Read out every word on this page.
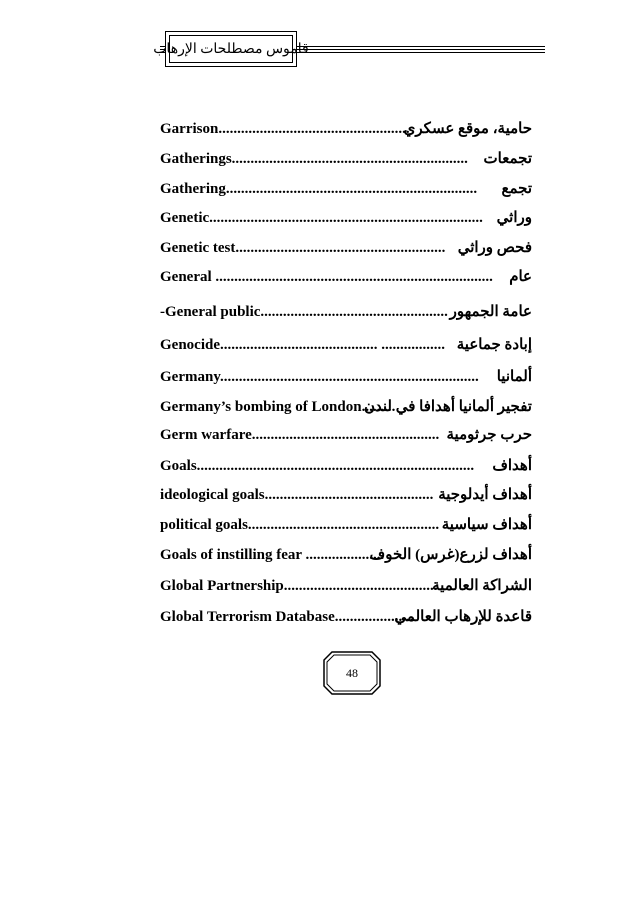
قاموس مصطلحات الإرهاب
Garrison...................................................
حامية، موقع عسكري
Gatherings............................................................... تجمعات
Gathering................................................................... تجمع
Genetic......................................................................... وراثي
Genetic test........................................................ فحص وراثي
General .......................................................................... عام
-General public.................................................. عامة الجمهور
Genocide.......................................... ................. إبادة جماعية
Germany..................................................................... ألمانيا
Germany’s bombing of London.........
تفجير ألمانيا أهدافا في لندن
Germ warfare.................................................. حرب جرثومية
Goals.......................................................................... أهداف
ideological goals............................................. أهداف أيدلوجية
political goals................................................... أهداف سياسية
Goals of instilling fear .....................
أهداف لزرع(غرس) الخوف
Global Partnership.........................................
الشراكة العالمية
Global Terrorism Database.....................
قاعدة للإرهاب العالمي
48
